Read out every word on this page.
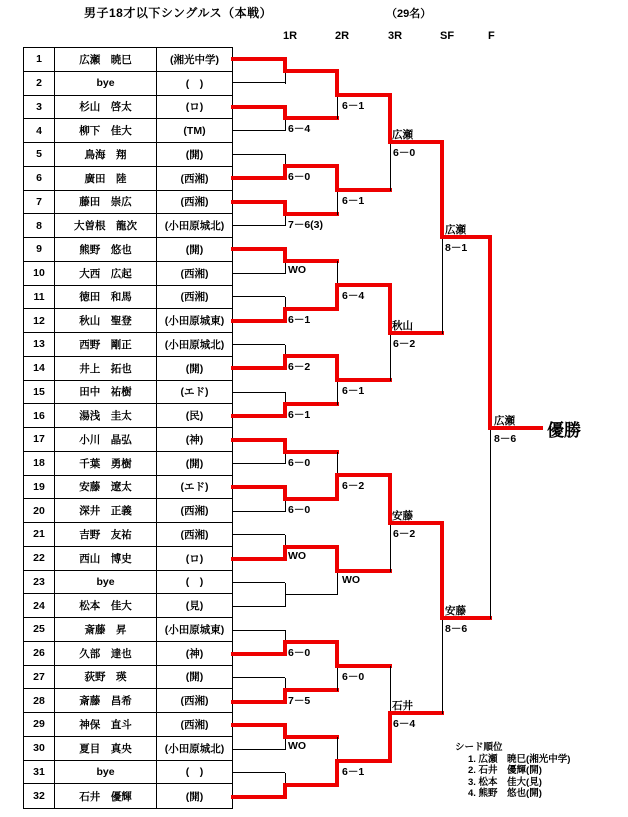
男子18才以下シングルス（本戦）	（29名）
1R	2R	3R	SF	F
1	広瀬　暁巳	(湘光中学)
2	bye	(　)
3	杉山　啓太	(ロ)
4	柳下　佳大	(TM)
5	鳥海　翔	(開)
6	廣田　陸	(西湘)
7	藤田　崇広	(西湘)
8	大曽根　龍次	(小田原城北)
9	熊野　悠也	(開)
10	大西　広起	(西湘)
11	徳田　和馬	(西湘)
12	秋山　聖登	(小田原城東)
13	西野　剛正	(小田原城北)
14	井上　拓也	(開)
15	田中　祐樹	(エド)
16	湯浅　圭太	(民)
17	小川　晶弘	(神)
18	千葉　勇樹	(開)
19	安藤　遼太	(エド)
20	深井　正義	(西湘)
21	吉野　友祐	(西湘)
22	西山　博史	(ロ)
23	bye	(　)
24	松本　佳大	(見)
25	斎藤　昇	(小田原城東)
26	久部　達也	(神)
27	荻野　瑛	(開)
28	斎藤　昌希	(西湘)
29	神保　直斗	(西湘)
30	夏目　真央	(小田原城北)
31	bye	(　)
32	石井　優輝	(開)
6－4
6－0
7－6(3)
WO
6－1
6－2
6－1
6－0
6－0
WO
6－0
7－5
WO
6－1
6－1
6－4
6－1
6－2
WO
6－0
6－1
広瀬
6－0
秋山
6－2
安藤
6－2
石井
6－4
広瀬
8－1
安藤
8－6
広瀬
8－6 優勝
シード順位
1. 広瀬　暁巳(湘光中学)
2. 石井　優輝(開)
3. 松本　佳大(見)
4. 熊野　悠也(開)
